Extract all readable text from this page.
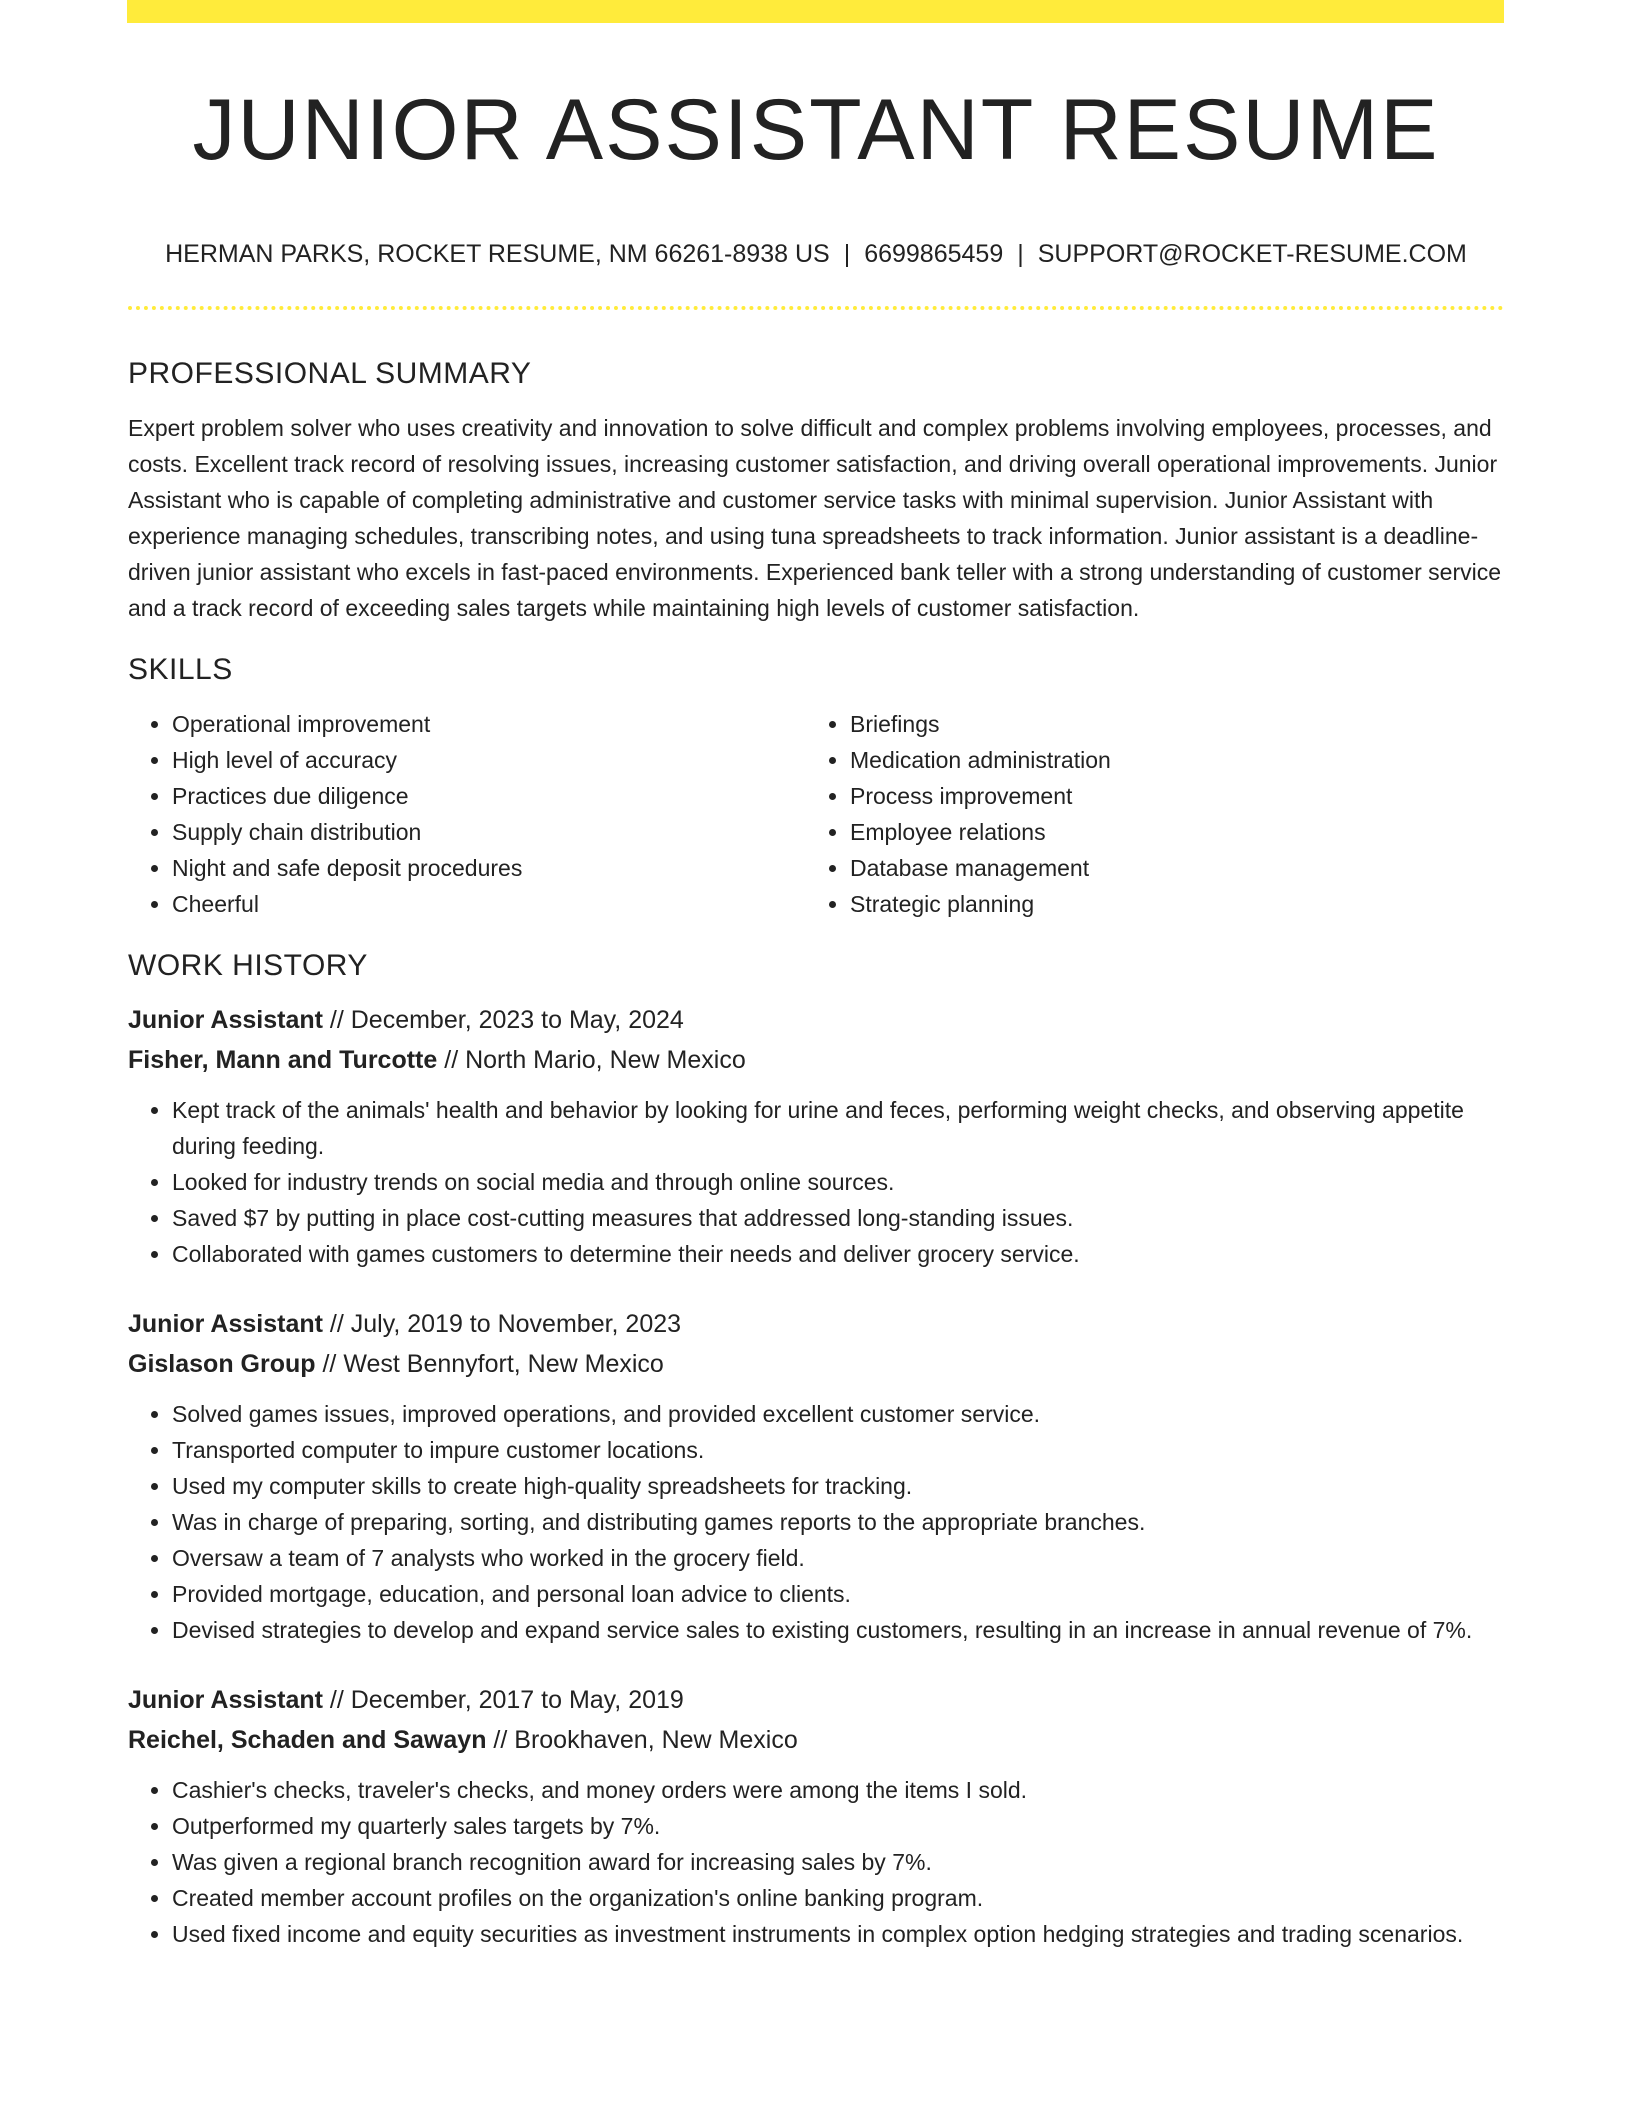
JUNIOR ASSISTANT RESUME
HERMAN PARKS, ROCKET RESUME, NM 66261-8938 US | 6699865459 | SUPPORT@ROCKET-RESUME.COM
PROFESSIONAL SUMMARY

Expert problem solver who uses creativity and innovation to solve difficult and complex problems involving employees, processes, and costs. Excellent track record of resolving issues, increasing customer satisfaction, and driving overall operational improvements. Junior Assistant who is capable of completing administrative and customer service tasks with minimal supervision. Junior Assistant with experience managing schedules, transcribing notes, and using tuna spreadsheets to track information. Junior assistant is a deadline-driven junior assistant who excels in fast-paced environments. Experienced bank teller with a strong understanding of customer service and a track record of exceeding sales targets while maintaining high levels of customer satisfaction.

SKILLS
• Operational improvement
• High level of accuracy
• Practices due diligence
• Supply chain distribution
• Night and safe deposit procedures
• Cheerful
• Briefings
• Medication administration
• Process improvement
• Employee relations
• Database management
• Strategic planning
WORK HISTORY
Junior Assistant // December, 2023 to May, 2024
Fisher, Mann and Turcotte // North Mario, New Mexico
• Kept track of the animals' health and behavior by looking for urine and feces, performing weight checks, and observing appetite during feeding.
• Looked for industry trends on social media and through online sources.
• Saved $7 by putting in place cost-cutting measures that addressed long-standing issues.
• Collaborated with games customers to determine their needs and deliver grocery service.
Junior Assistant // July, 2019 to November, 2023
Gislason Group // West Bennyfort, New Mexico
• Solved games issues, improved operations, and provided excellent customer service.
• Transported computer to impure customer locations.
• Used my computer skills to create high-quality spreadsheets for tracking.
• Was in charge of preparing, sorting, and distributing games reports to the appropriate branches.
• Oversaw a team of 7 analysts who worked in the grocery field.
• Provided mortgage, education, and personal loan advice to clients.
• Devised strategies to develop and expand service sales to existing customers, resulting in an increase in annual revenue of 7%.
Junior Assistant // December, 2017 to May, 2019
Reichel, Schaden and Sawayn // Brookhaven, New Mexico
• Cashier's checks, traveler's checks, and money orders were among the items I sold.
• Outperformed my quarterly sales targets by 7%.
• Was given a regional branch recognition award for increasing sales by 7%.
• Created member account profiles on the organization's online banking program.
• Used fixed income and equity securities as investment instruments in complex option hedging strategies and trading scenarios.
